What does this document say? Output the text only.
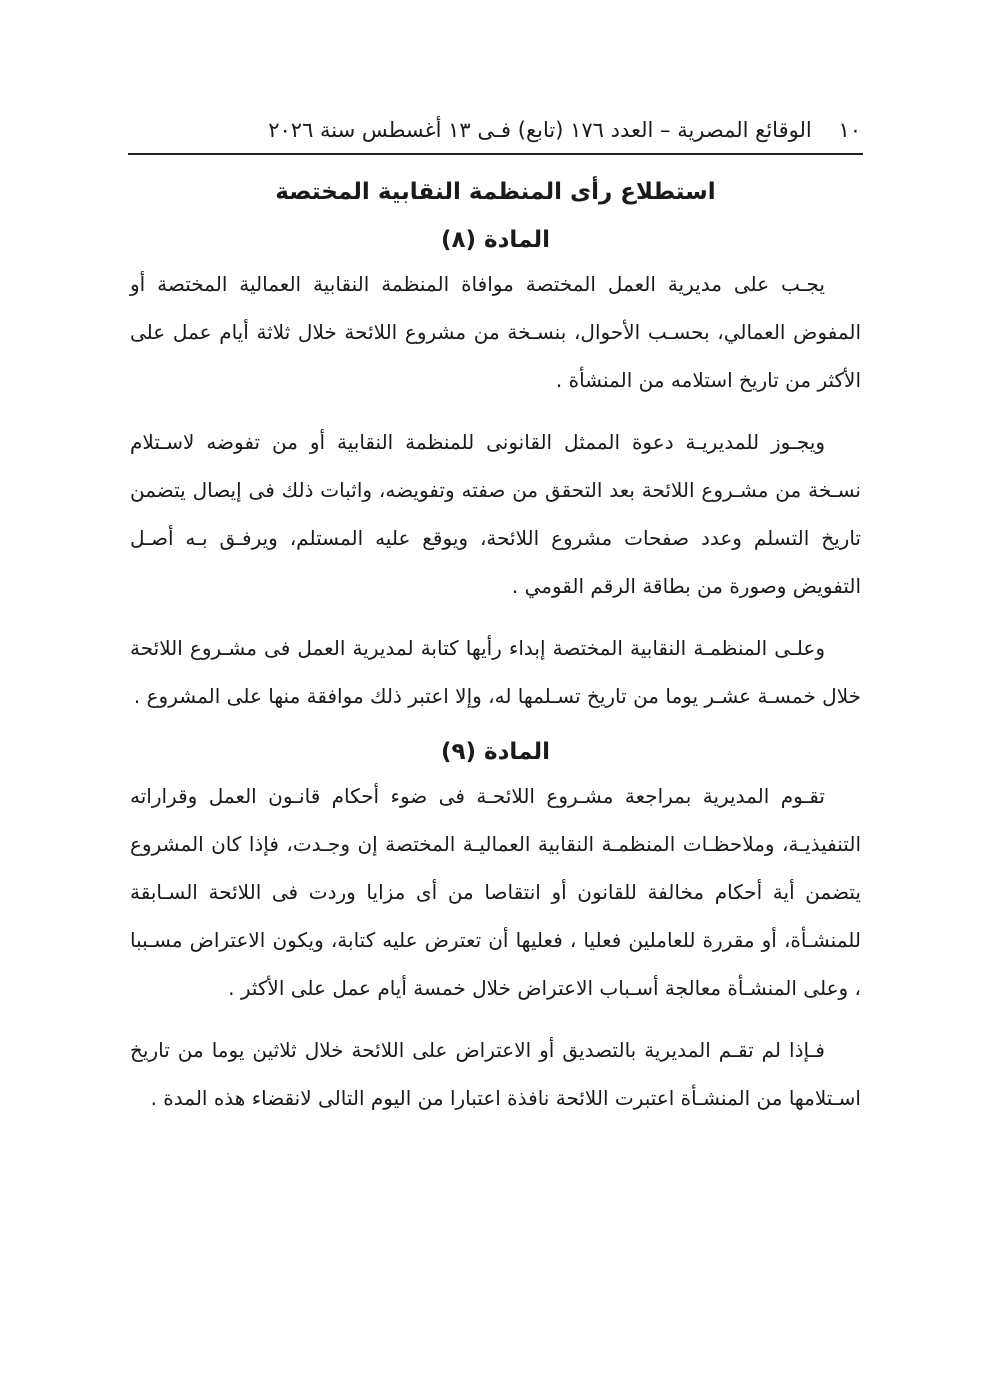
١٠    الوقائع المصرية – العدد ١٧٦ (تابع) فـى ١٣ أغسطس سنة ٢٠٢٦
استطلاع رأى المنظمة النقابية المختصة
المادة (٨)

يجـب على مديرية العمل المختصة موافاة المنظمة النقابية العمالية المختصة أو المفوض العمالي، بحسـب الأحوال، بنسـخة من مشروع اللائحة خلال ثلاثة أيام عمل على الأكثر من تاريخ استلامه من المنشأة .

ويجـوز للمديريـة دعوة الممثل القانونى للمنظمة النقابية أو من تفوضه لاسـتلام نسـخة من مشـروع اللائحة بعد التحقق من صفته وتفويضه، واثبات ذلك فى إيصال يتضمن تاريخ التسلم وعدد صفحات مشروع اللائحة، ويوقع عليه المستلم، ويرفـق بـه أصـل التفويض وصورة من بطاقة الرقم القومي .

وعلـى المنظمـة النقابية المختصة إبداء رأيها كتابة لمديرية العمل فى مشـروع اللائحة خلال خمسـة عشـر يوما من تاريخ تسـلمها له، وإلا اعتبر ذلك موافقة منها على المشروع .

المادة (٩)

تقـوم المديرية بمراجعة مشـروع اللائحـة فى ضوء أحكام قانـون العمل وقراراته التنفيذيـة، وملاحظـات المنظمـة النقابية العماليـة المختصة إن وجـدت، فإذا كان المشروع يتضمن أية أحكام مخالفة للقانون أو انتقاصا من أى مزايا وردت فى اللائحة السـابقة للمنشـأة، أو مقررة للعاملين فعليا ، فعليها أن تعترض عليه كتابة، ويكون الاعتراض مسـببا ، وعلى المنشـأة معالجة أسـباب الاعتراض خلال خمسة أيام عمل على الأكثر .

فـإذا لم تقـم المديرية بالتصديق أو الاعتراض على اللائحة خلال ثلاثين يوما من تاريخ اسـتلامها من المنشـأة اعتبرت اللائحة نافذة اعتبارا من اليوم التالى لانقضاء هذه المدة .
